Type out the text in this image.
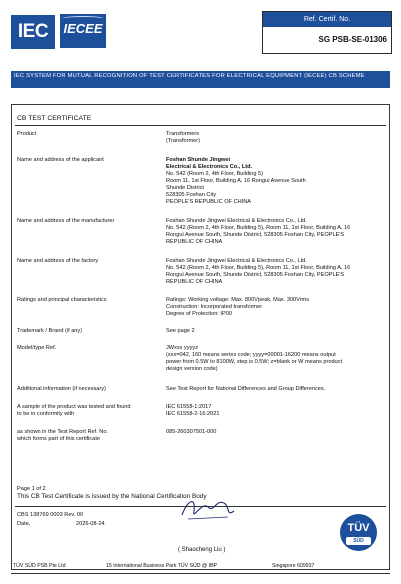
IEC	IECEE
Ref. Certif. No.
SG PSB-SE-01306
IEC SYSTEM FOR MUTUAL RECOGNITION OF TEST CERTIFICATES FOR ELECTRICAL EQUIPMENT (IECEE) CB SCHEME
CB TEST CERTIFICATE
Product	Transformers
(Transformer)
Name and address of the applicant	Foshan Shunde Jingwei
Electrical & Electronics Co., Ltd.
No. 542 (Room 2, 4th Floor, Building 5)
Room 11, 1st Floor, Building A, 16 Rongui Avenue South
Shunde District
528305 Foshan City
PEOPLE'S REPUBLIC OF CHINA
Name and address of the manufacturer	Foshan Shunde Jingwei Electrical & Electronics Co., Ltd.
No. 542 (Room 2, 4th Floor, Building 5), Room 11, 1st Floor, Building A, 16
Rongui Avenue South, Shunde District, 528305 Foshan City, PEOPLE'S
REPUBLIC OF CHINA
Name and address of the factory	Foshan Shunde Jingwei Electrical & Electronics Co., Ltd.
No. 542 (Room 2, 4th Floor, Building 5), Room 11, 1st Floor, Building A, 16
Rongui Avenue South, Shunde District, 528305 Foshan City, PEOPLE'S
REPUBLIC OF CHINA
Ratings and principal characteristics	Ratings: Working voltage: Max. 800Vpeak, Max. 300Vrms
Construction: Incorporated transformer
Degree of Protection: IP00
Trademark / Brand (if any)	See page 2
Model/type Ref.	JWxxx yyyyz
(xxx=042, 160 means series code; yyyy=00001-16200 means output
power from 0.5W to 8100W, step is 0.5W; z=blank or W means product
design version code)
Additional information (if necessary)	See Test Report for National Differences and Group Differences.
A sample of the product was tested and found
to be in conformity with
IEC 61558-1:2017
IEC 61558-2-16:2021
as shown in the Test Report Ref. No.
which forms part of this certificate
085-260307501-000
Page 1 of 2
This CB Test Certificate is issued by the National Certification Body
CBS 138769 0003 Rev. 00
Date,	2026-08-24
( Shaocheng Liu )
TÜV
SÜD
TÜV SÜD PSB Pte Ltd	15 International Business Park TÜV SÜD @ IBP	Singapore 609937
